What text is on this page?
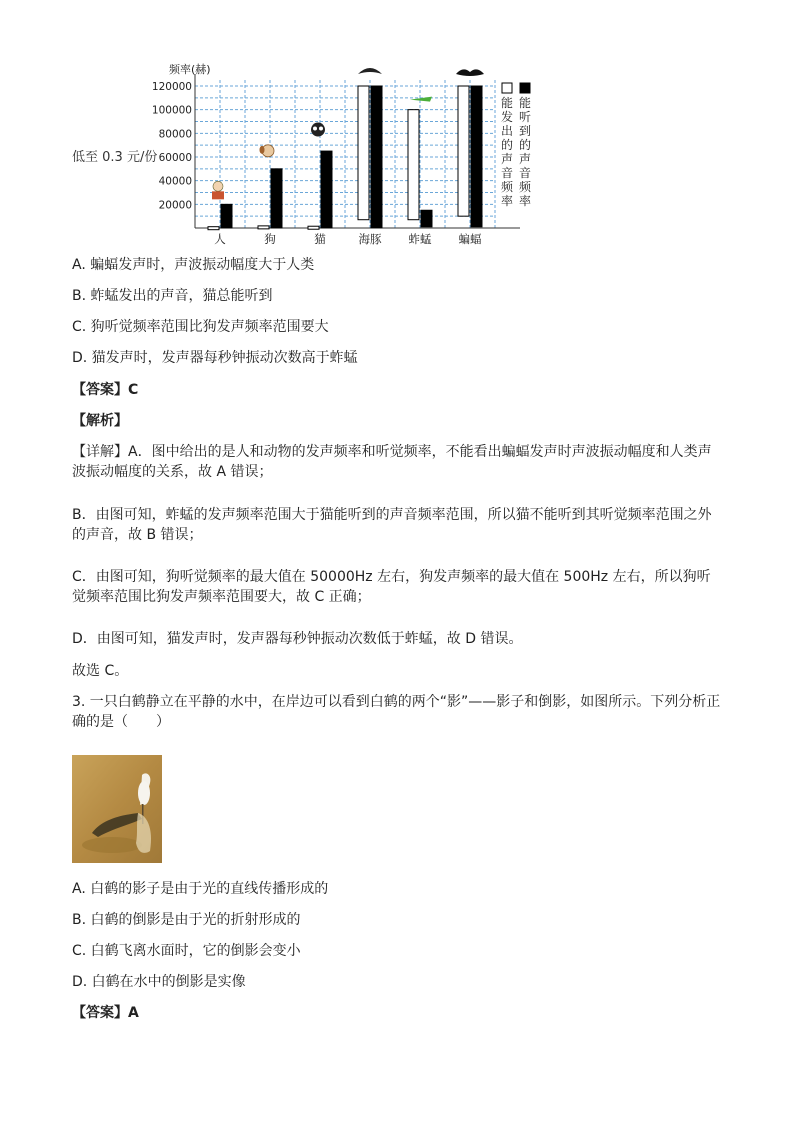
20000
40000
60000
80000
100000
120000
频率(赫)
人	狗	猫	海豚 蚱蜢 蝙蝠
能
发
出
的
声
音
频
率
能
听
到
的
声
音
频
率
低至 0.3 元/份
A. 蝙蝠发声时，声波振动幅度大于人类
B. 蚱蜢发出的声音，猫总能听到
C. 狗听觉频率范围比狗发声频率范围要大
D. 猫发声时，发声器每秒钟振动次数高于蚱蜢
【答案】C
【解析】
【详解】A．图中给出的是人和动物的发声频率和听觉频率，不能看出蝙蝠发声时声波振动幅度和人类声波振动幅度的关系，故 A 错误；
B．由图可知，蚱蜢的发声频率范围大于猫能听到的声音频率范围，所以猫不能听到其听觉频率范围之外的声音，故 B 错误；
C．由图可知，狗听觉频率的最大值在 50000Hz 左右，狗发声频率的最大值在 500Hz 左右，所以狗听觉频率范围比狗发声频率范围要大，故 C 正确；
D．由图可知，猫发声时，发声器每秒钟振动次数低于蚱蜢，故 D 错误。
故选 C。
3. 一只白鹤静立在平静的水中，在岸边可以看到白鹤的两个“影”——影子和倒影，如图所示。下列分析正确的是（　　）
A. 白鹤的影子是由于光的直线传播形成的
B. 白鹤的倒影是由于光的折射形成的
C. 白鹤飞离水面时，它的倒影会变小
D. 白鹤在水中的倒影是实像
【答案】A
